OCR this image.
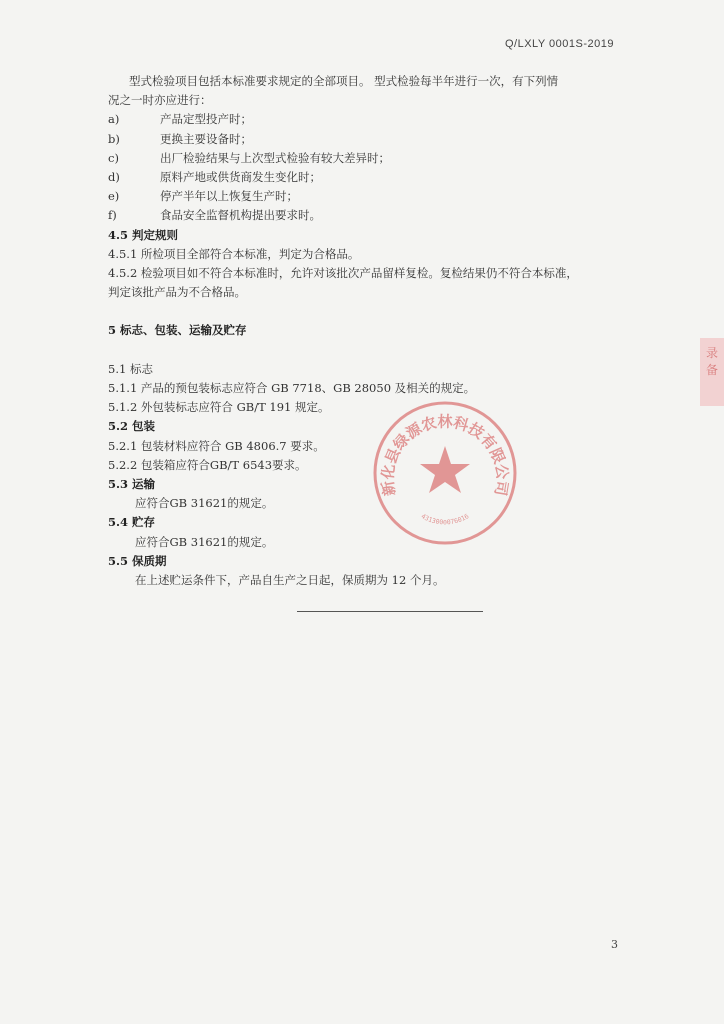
Q/LXLY 0001S-2019
型式检验项目包括本标准要求规定的全部项目。 型式检验每半年进行一次，有下列情
况之一时亦应进行：
a)	产品定型投产时；
b)	更换主要设备时；
c)	出厂检验结果与上次型式检验有较大差异时；
d)	原料产地或供货商发生变化时；
e)	停产半年以上恢复生产时；
f)	食品安全监督机构提出要求时。
4.5 判定规则
4.5.1 所检项目全部符合本标准，判定为合格品。
4.5.2 检验项目如不符合本标准时，允许对该批次产品留样复检。复检结果仍不符合本标准，
判定该批产品为不合格品。
5 标志、包装、运输及贮存
5.1 标志
5.1.1 产品的预包装标志应符合 GB 7718、GB 28050 及相关的规定。
5.1.2 外包装标志应符合 GB/T 191 规定。
5.2 包装
5.2.1 包装材料应符合 GB 4806.7 要求。
5.2.2 包装箱应符合GB/T 6543要求。
5.3 运输
应符合GB 31621的规定。
5.4 贮存
应符合GB 31621的规定。
5.5 保质期
在上述贮运条件下，产品自生产之日起，保质期为 12 个月。
新化县绿源农林科技有限公司
4313000076016
录 备
3
